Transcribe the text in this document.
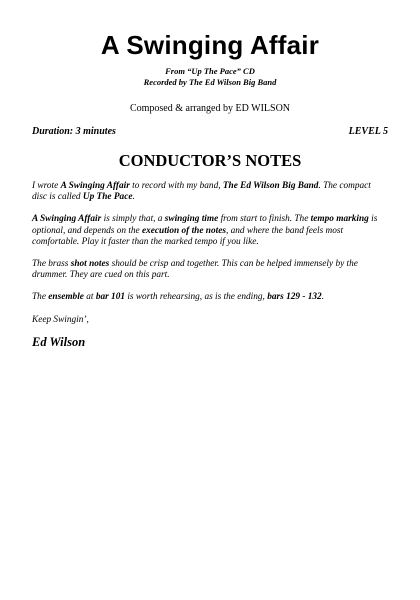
A Swinging Affair
From “Up The Pace” CD
Recorded by The Ed Wilson Big Band
Composed & arranged by ED WILSON
Duration: 3 minutes	LEVEL 5
CONDUCTOR’S NOTES

I wrote A Swinging Affair to record with my band, The Ed Wilson Big Band. The compact disc is called Up The Pace.

A Swinging Affair is simply that, a swinging time from start to finish. The tempo marking is optional, and depends on the execution of the notes, and where the band feels most comfortable. Play it faster than the marked tempo if you like.

The brass shot notes should be crisp and together. This can be helped immensely by the drummer. They are cued on this part.

The ensemble at bar 101 is worth rehearsing, as is the ending, bars 129 - 132.

Keep Swingin’,

Ed Wilson
